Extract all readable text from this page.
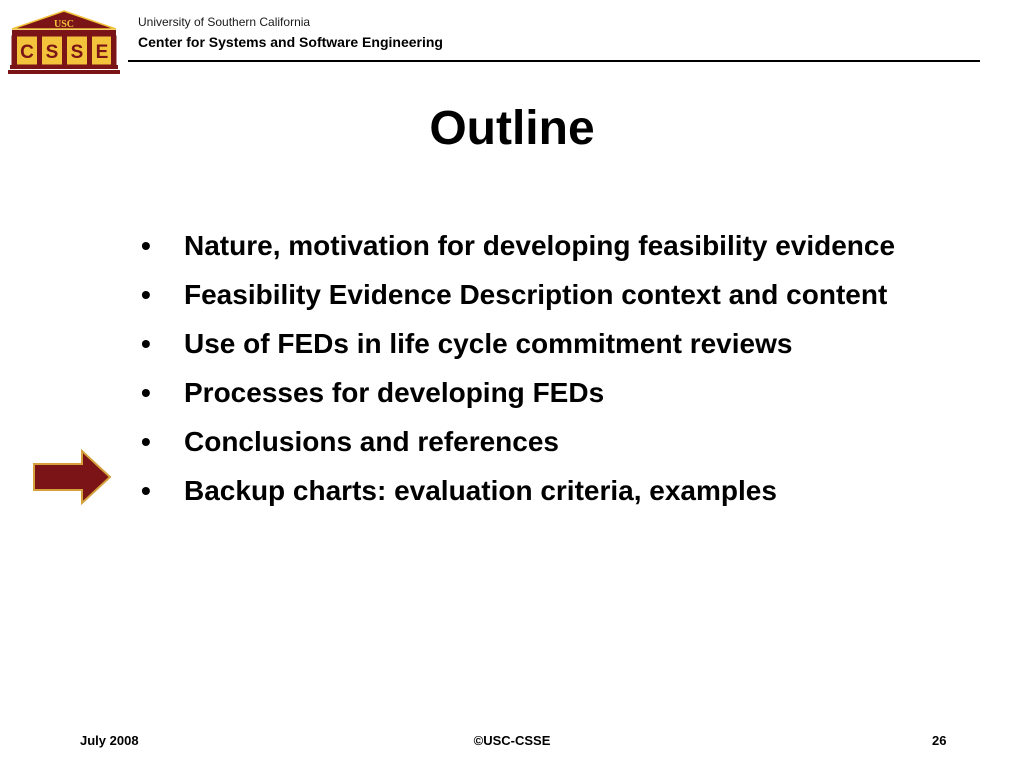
USC
C S S E
University of Southern California
Center for Systems and Software Engineering
Outline
• Nature, motivation for developing feasibility evidence
• Feasibility Evidence Description context and content
• Use of FEDs in life cycle commitment reviews
• Processes for developing FEDs
• Conclusions and references
• Backup charts: evaluation criteria, examples
July 2008	©USC-CSSE	26
